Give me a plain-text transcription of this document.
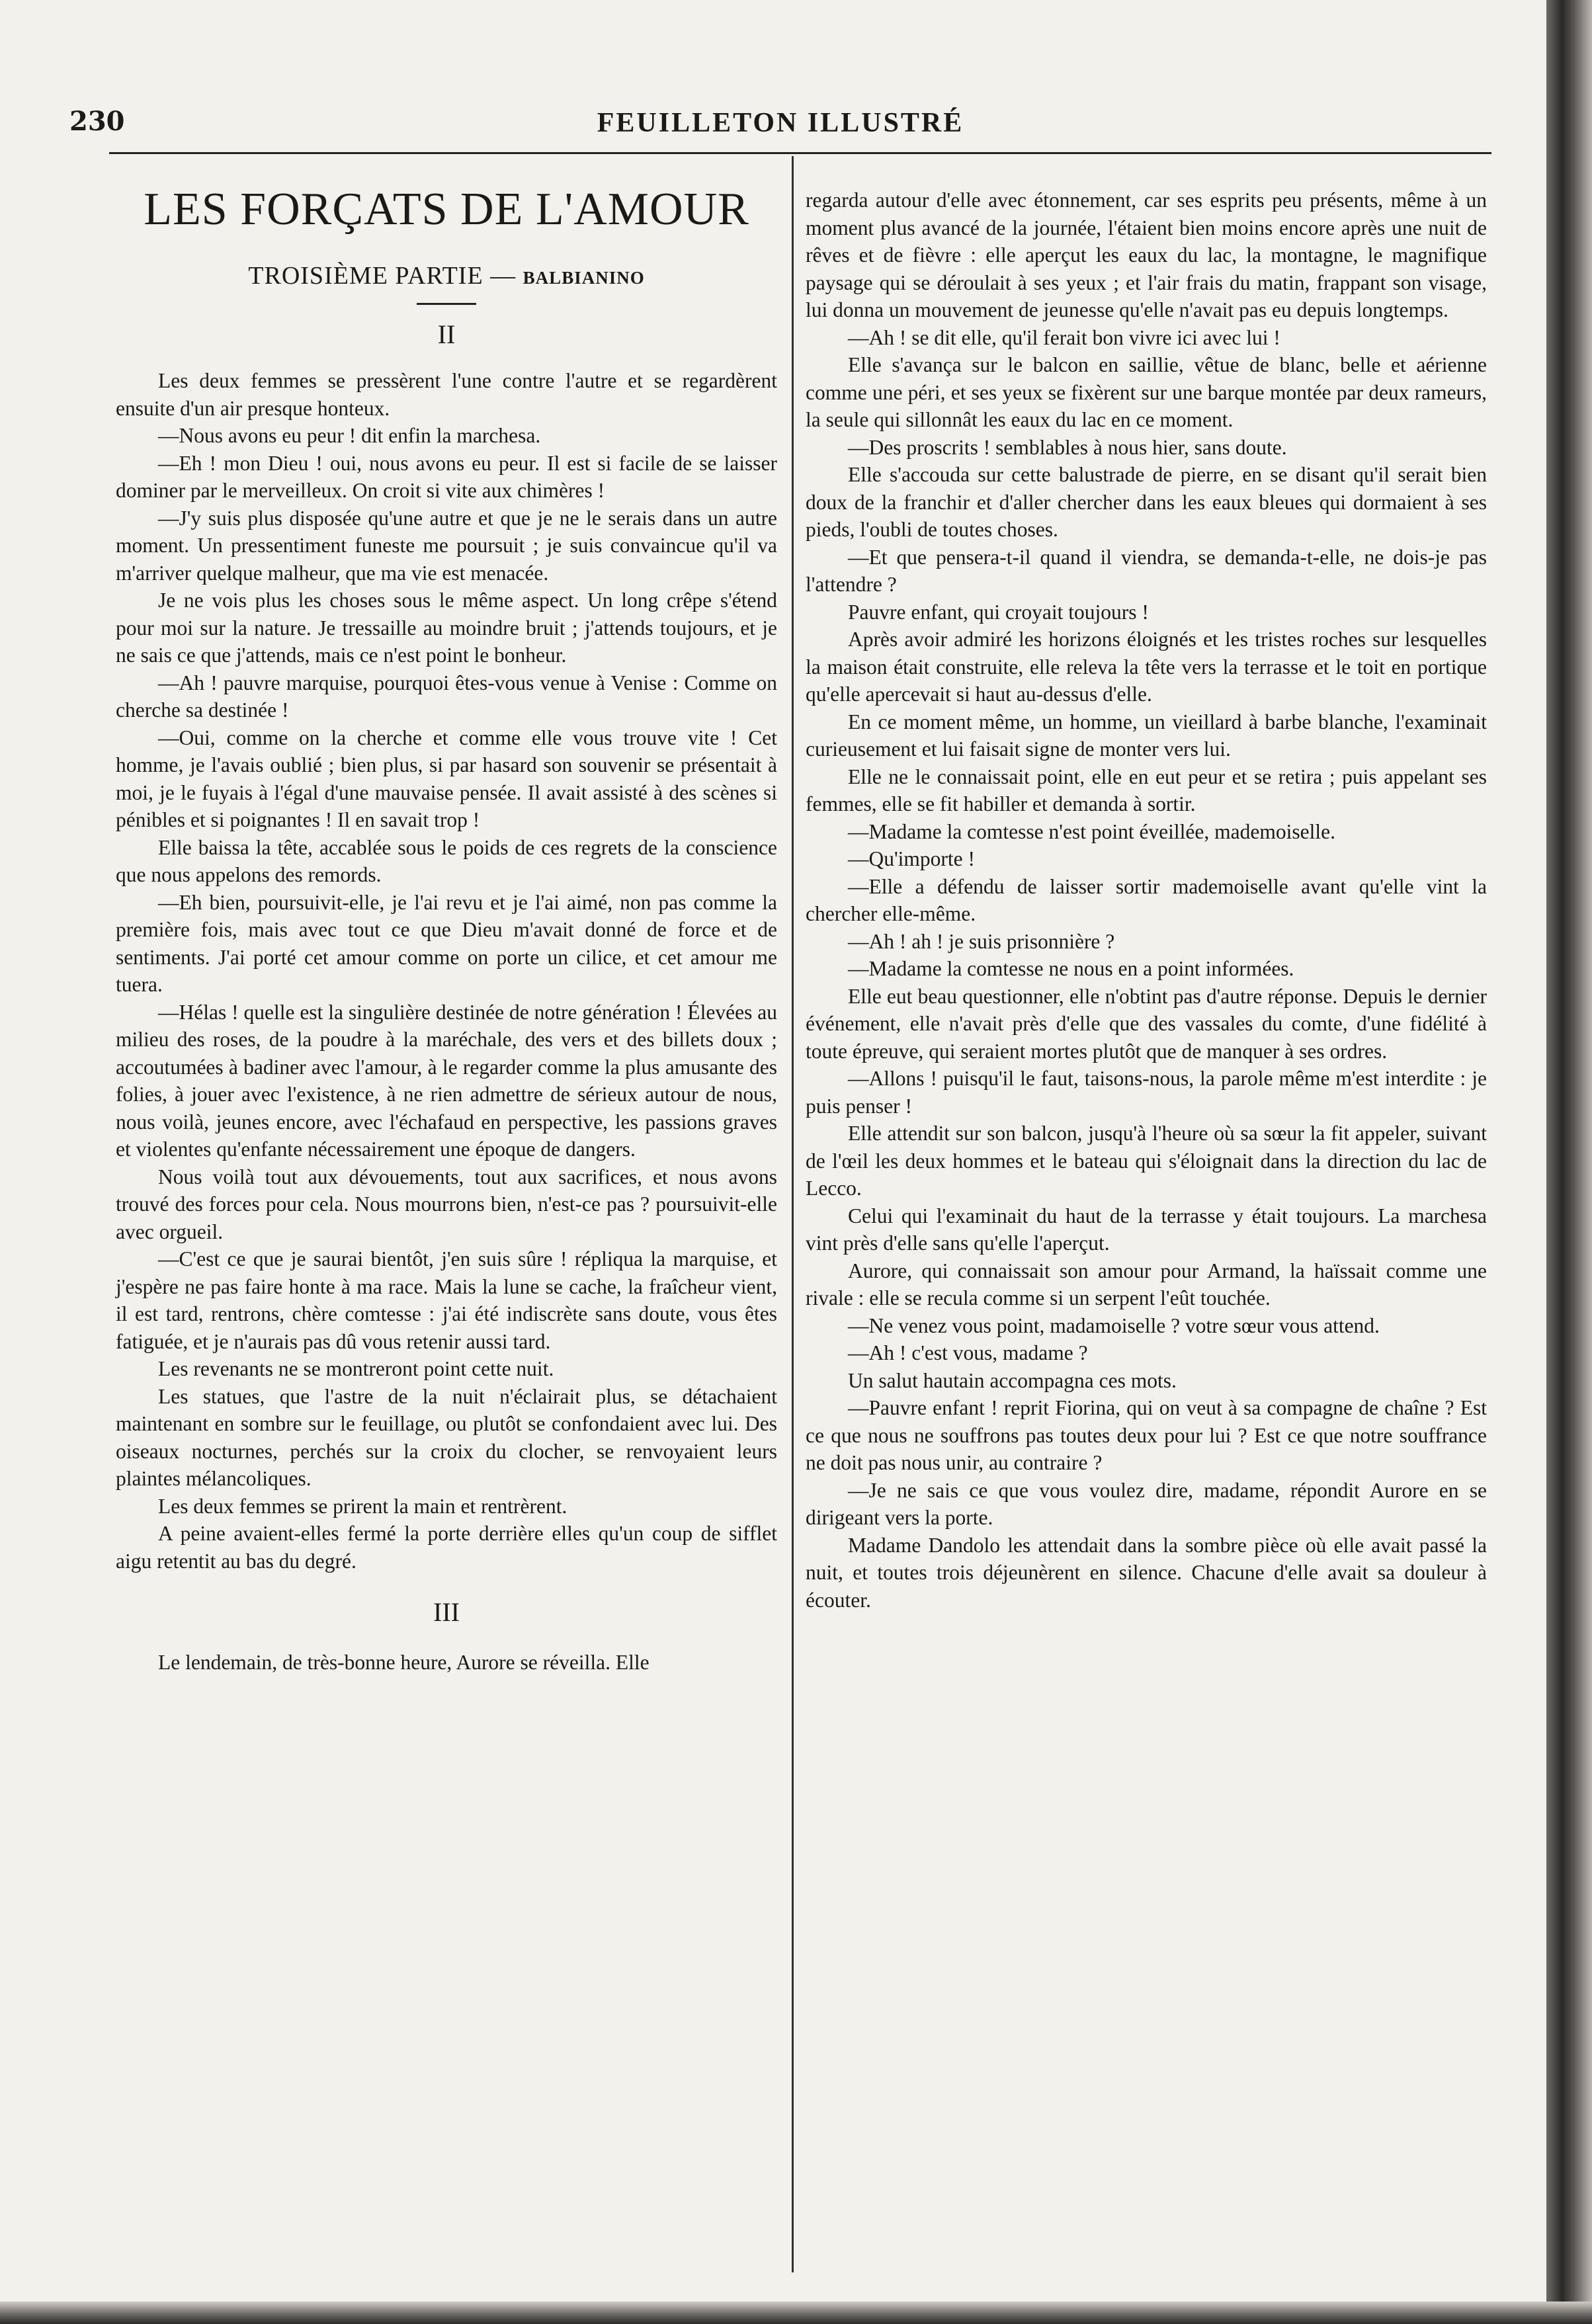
230	FEUILLETON ILLUSTRÉ
LES FORÇATS DE L'AMOUR
TROISIÈME PARTIE — BALBIANINO
II

Les deux femmes se pressèrent l'une contre l'autre et se regardèrent ensuite d'un air presque honteux.

—Nous avons eu peur ! dit enfin la marchesa.

—Eh ! mon Dieu ! oui, nous avons eu peur. Il est si facile de se laisser dominer par le merveilleux. On croit si vite aux chimères !

—J'y suis plus disposée qu'une autre et que je ne le serais dans un autre moment. Un pressentiment funeste me poursuit ; je suis convaincue qu'il va m'arriver quelque malheur, que ma vie est menacée.

Je ne vois plus les choses sous le même aspect. Un long crêpe s'étend pour moi sur la nature. Je tressaille au moindre bruit ; j'attends toujours, et je ne sais ce que j'attends, mais ce n'est point le bonheur.

—Ah ! pauvre marquise, pourquoi êtes-vous venue à Venise : Comme on cherche sa destinée !

—Oui, comme on la cherche et comme elle vous trouve vite ! Cet homme, je l'avais oublié ; bien plus, si par hasard son souvenir se présentait à moi, je le fuyais à l'égal d'une mauvaise pensée. Il avait assisté à des scènes si pénibles et si poignantes ! Il en savait trop !

Elle baissa la tête, accablée sous le poids de ces regrets de la conscience que nous appelons des remords.

—Eh bien, poursuivit-elle, je l'ai revu et je l'ai aimé, non pas comme la première fois, mais avec tout ce que Dieu m'avait donné de force et de sentiments. J'ai porté cet amour comme on porte un cilice, et cet amour me tuera.

—Hélas ! quelle est la singulière destinée de notre génération ! Élevées au milieu des roses, de la poudre à la maréchale, des vers et des billets doux ; accoutumées à badiner avec l'amour, à le regarder comme la plus amusante des folies, à jouer avec l'existence, à ne rien admettre de sérieux autour de nous, nous voilà, jeunes encore, avec l'échafaud en perspective, les passions graves et violentes qu'enfante nécessairement une époque de dangers.

Nous voilà tout aux dévouements, tout aux sacrifices, et nous avons trouvé des forces pour cela. Nous mourrons bien, n'est-ce pas ? poursuivit-elle avec orgueil.

—C'est ce que je saurai bientôt, j'en suis sûre ! répliqua la marquise, et j'espère ne pas faire honte à ma race. Mais la lune se cache, la fraîcheur vient, il est tard, rentrons, chère comtesse : j'ai été indiscrète sans doute, vous êtes fatiguée, et je n'aurais pas dû vous retenir aussi tard.

Les revenants ne se montreront point cette nuit.

Les statues, que l'astre de la nuit n'éclairait plus, se détachaient maintenant en sombre sur le feuillage, ou plutôt se confondaient avec lui. Des oiseaux nocturnes, perchés sur la croix du clocher, se renvoyaient leurs plaintes mélancoliques.

Les deux femmes se prirent la main et rentrèrent.

A peine avaient-elles fermé la porte derrière elles qu'un coup de sifflet aigu retentit au bas du degré.

III

Le lendemain, de très-bonne heure, Aurore se réveilla. Elle

regarda autour d'elle avec étonnement, car ses esprits peu présents, même à un moment plus avancé de la journée, l'étaient bien moins encore après une nuit de rêves et de fièvre : elle aperçut les eaux du lac, la montagne, le magnifique paysage qui se déroulait à ses yeux ; et l'air frais du matin, frappant son visage, lui donna un mouvement de jeunesse qu'elle n'avait pas eu depuis longtemps.

—Ah ! se dit elle, qu'il ferait bon vivre ici avec lui !

Elle s'avança sur le balcon en saillie, vêtue de blanc, belle et aérienne comme une péri, et ses yeux se fixèrent sur une barque montée par deux rameurs, la seule qui sillonnât les eaux du lac en ce moment.

—Des proscrits ! semblables à nous hier, sans doute.

Elle s'accouda sur cette balustrade de pierre, en se disant qu'il serait bien doux de la franchir et d'aller chercher dans les eaux bleues qui dormaient à ses pieds, l'oubli de toutes choses.

—Et que pensera-t-il quand il viendra, se demanda-t-elle, ne dois-je pas l'attendre ?

Pauvre enfant, qui croyait toujours !

Après avoir admiré les horizons éloignés et les tristes roches sur lesquelles la maison était construite, elle releva la tête vers la terrasse et le toit en portique qu'elle apercevait si haut au-dessus d'elle.

En ce moment même, un homme, un vieillard à barbe blanche, l'examinait curieusement et lui faisait signe de monter vers lui.

Elle ne le connaissait point, elle en eut peur et se retira ; puis appelant ses femmes, elle se fit habiller et demanda à sortir.

—Madame la comtesse n'est point éveillée, mademoiselle.

—Qu'importe !

—Elle a défendu de laisser sortir mademoiselle avant qu'elle vint la chercher elle-même.

—Ah ! ah ! je suis prisonnière ?

—Madame la comtesse ne nous en a point informées.

Elle eut beau questionner, elle n'obtint pas d'autre réponse. Depuis le dernier événement, elle n'avait près d'elle que des vassales du comte, d'une fidélité à toute épreuve, qui seraient mortes plutôt que de manquer à ses ordres.

—Allons ! puisqu'il le faut, taisons-nous, la parole même m'est interdite : je puis penser !

Elle attendit sur son balcon, jusqu'à l'heure où sa sœur la fit appeler, suivant de l'œil les deux hommes et le bateau qui s'éloignait dans la direction du lac de Lecco.

Celui qui l'examinait du haut de la terrasse y était toujours. La marchesa vint près d'elle sans qu'elle l'aperçut.

Aurore, qui connaissait son amour pour Armand, la haïssait comme une rivale : elle se recula comme si un serpent l'eût touchée.

—Ne venez vous point, madamoiselle ? votre sœur vous attend.

—Ah ! c'est vous, madame ?

Un salut hautain accompagna ces mots.

—Pauvre enfant ! reprit Fiorina, qui on veut à sa compagne de chaîne ? Est ce que nous ne souffrons pas toutes deux pour lui ? Est ce que notre souffrance ne doit pas nous unir, au contraire ?

—Je ne sais ce que vous voulez dire, madame, répondit Aurore en se dirigeant vers la porte.

Madame Dandolo les attendait dans la sombre pièce où elle avait passé la nuit, et toutes trois déjeunèrent en silence. Chacune d'elle avait sa douleur à écouter.
